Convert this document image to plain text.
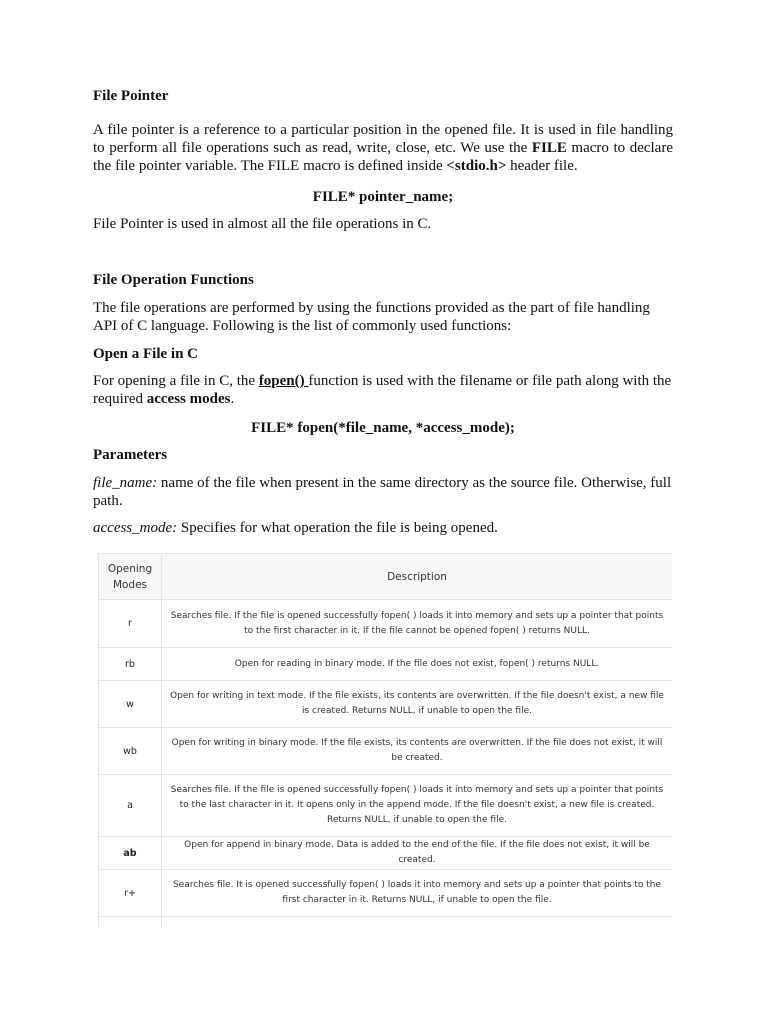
File Pointer
A file pointer is a reference to a particular position in the opened file. It is used in file handling to perform all file operations such as read, write, close, etc. We use the FILE macro to declare the file pointer variable. The FILE macro is defined inside <stdio.h> header file.
FILE* pointer_name;
File Pointer is used in almost all the file operations in C.
File Operation Functions
The file operations are performed by using the functions provided as the part of file handling API of C language. Following is the list of commonly used functions:
Open a File in C
For opening a file in C, the fopen() function is used with the filename or file path along with the required access modes.
FILE* fopen(*file_name, *access_mode);
Parameters
file_name: name of the file when present in the same directory as the source file. Otherwise, full path.
access_mode: Specifies for what operation the file is being opened.
Opening Modes	Description
r	Searches file. If the file is opened successfully fopen( ) loads it into memory and sets up a pointer that points to the first character in it. If the file cannot be opened fopen( ) returns NULL.
rb	Open for reading in binary mode. If the file does not exist, fopen( ) returns NULL.
w	Open for writing in text mode. If the file exists, its contents are overwritten. If the file doesn't exist, a new file is created. Returns NULL, if unable to open the file.
wb	Open for writing in binary mode. If the file exists, its contents are overwritten. If the file does not exist, it will be created.
a	Searches file. If the file is opened successfully fopen( ) loads it into memory and sets up a pointer that points to the last character in it. It opens only in the append mode. If the file doesn't exist, a new file is created. Returns NULL, if unable to open the file.
ab	Open for append in binary mode. Data is added to the end of the file. If the file does not exist, it will be created.
r+	Searches file. It is opened successfully fopen( ) loads it into memory and sets up a pointer that points to the first character in it. Returns NULL, if unable to open the file.
